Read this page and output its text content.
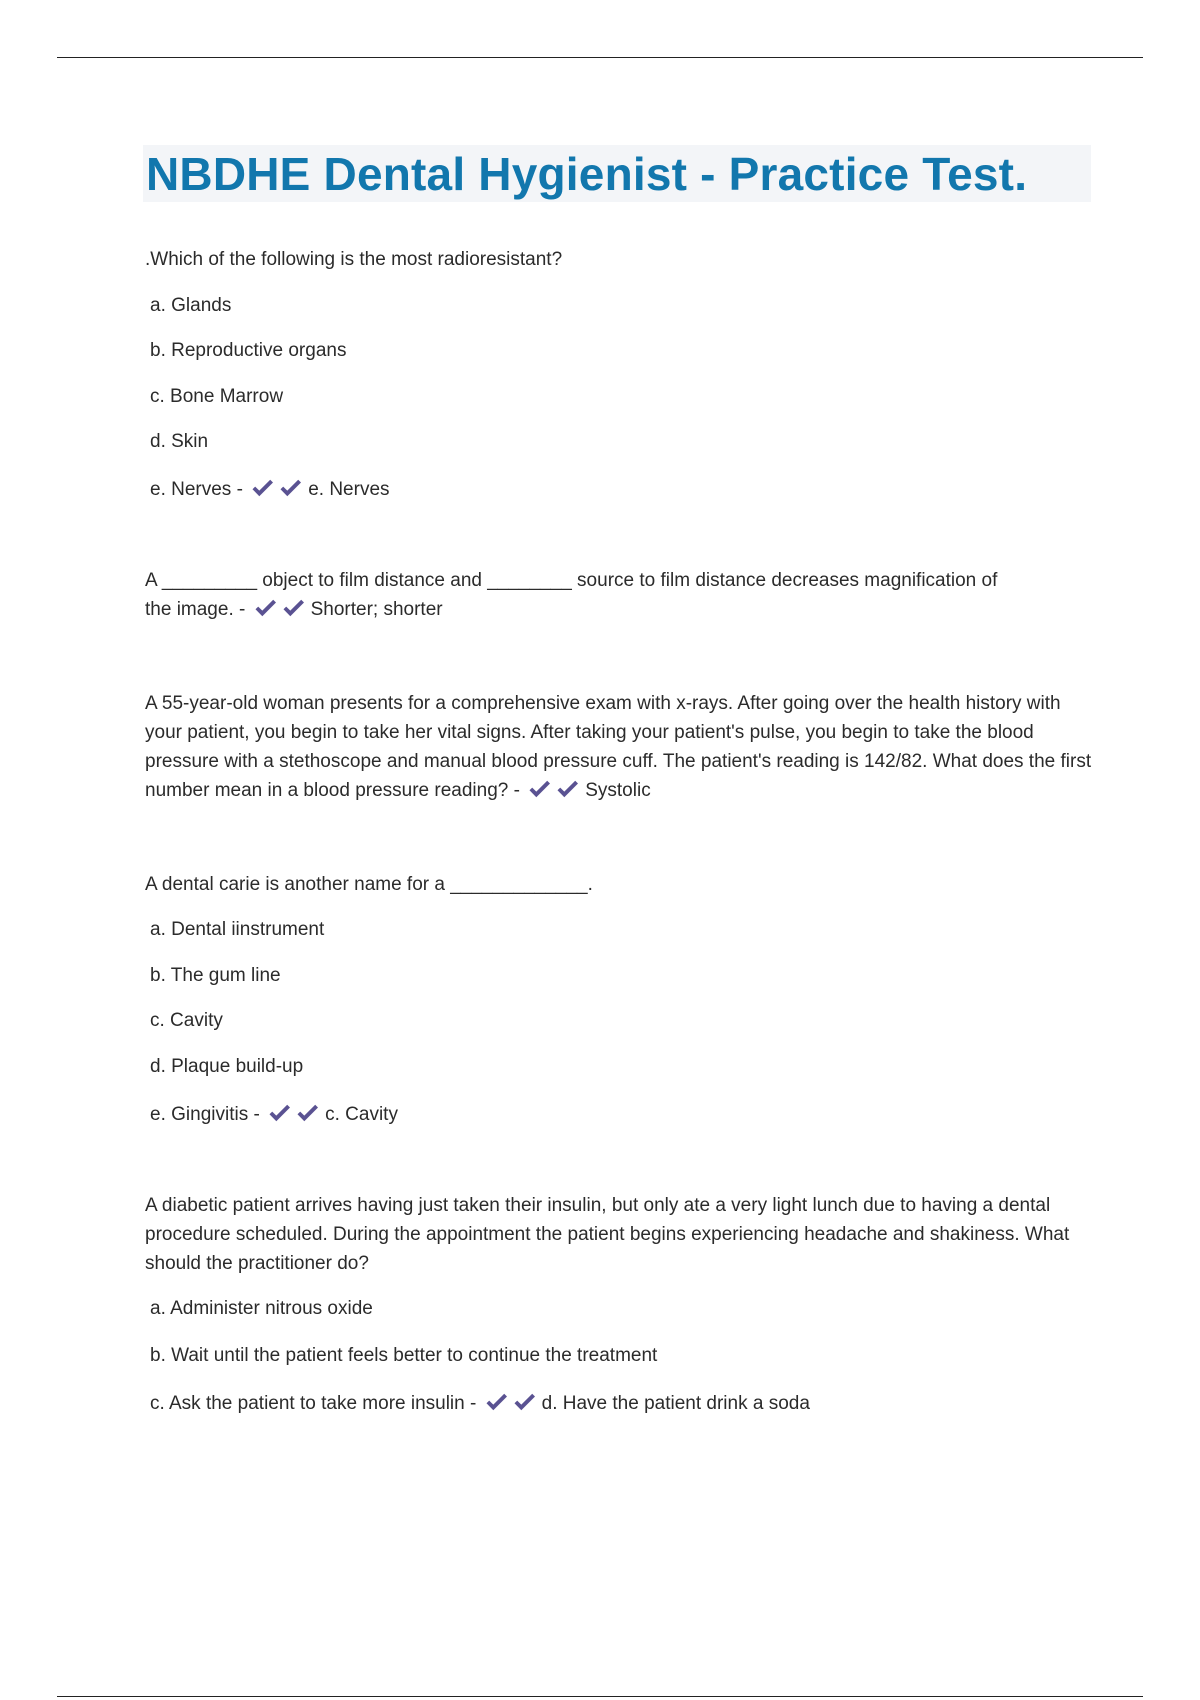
NBDHE Dental Hygienist - Practice Test.
.Which of the following is the most radioresistant?
a. Glands
b. Reproductive organs
c. Bone Marrow
d. Skin
e. Nerves -	e. Nerves
A _________ object to film distance and ________ source to film distance decreases magnification of
the image. -	Shorter; shorter
A 55-year-old woman presents for a comprehensive exam with x-rays. After going over the health history with your patient, you begin to take her vital signs. After taking your patient's pulse, you begin to take the blood pressure with a stethoscope and manual blood pressure cuff. The patient's reading is 142/82. What does the first number mean in a blood pressure reading? -	Systolic
A dental carie is another name for a _____________.
a. Dental iinstrument
b. The gum line
c. Cavity
d. Plaque build-up
e. Gingivitis -	c. Cavity
A diabetic patient arrives having just taken their insulin, but only ate a very light lunch due to having a dental procedure scheduled. During the appointment the patient begins experiencing headache and shakiness. What should the practitioner do?
a. Administer nitrous oxide
b. Wait until the patient feels better to continue the treatment
c. Ask the patient to take more insulin -	d. Have the patient drink a soda
